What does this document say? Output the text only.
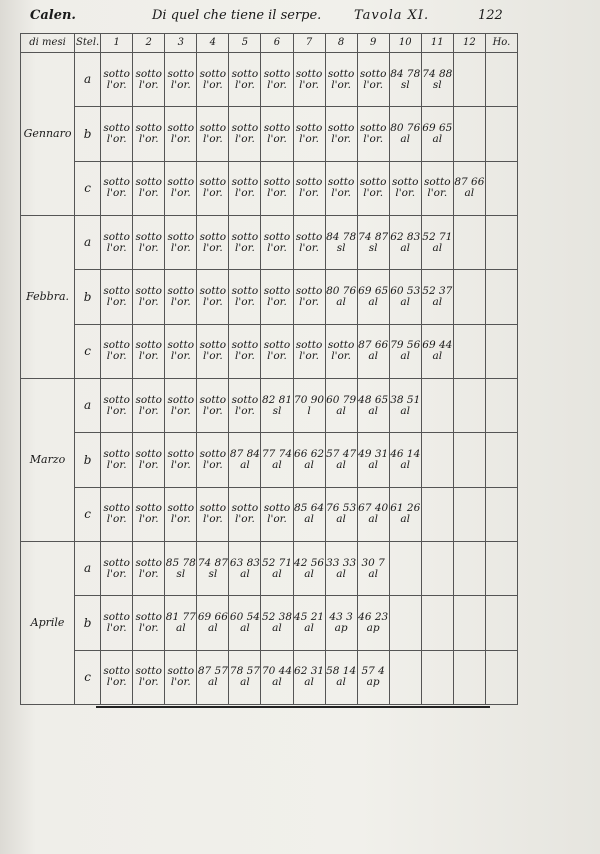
Calen.	Di quel che tiene il serpe.	Tavola XI.	122
di mesi	Stel.	1	2	3	4	5	6	7	8	9	10	11	12	Ho.
Gennaro	a	sotto l'or.	sotto l'or.	sotto l'or.	sotto l'or.	sotto l'or.	sotto l'or.	sotto l'or.	sotto l'or.	sotto l'or.	84 78 sl	74 88 sl		
	b	sotto l'or.	sotto l'or.	sotto l'or.	sotto l'or.	sotto l'or.	sotto l'or.	sotto l'or.	sotto l'or.	sotto l'or.	80 76 al	69 65 al		
	c	sotto l'or.	sotto l'or.	sotto l'or.	sotto l'or.	sotto l'or.	sotto l'or.	sotto l'or.	sotto l'or.	sotto l'or.	sotto l'or.	sotto l'or.	87 66 al	
Febbra.	a	sotto l'or.	sotto l'or.	sotto l'or.	sotto l'or.	sotto l'or.	sotto l'or.	sotto l'or.	84 78 sl	74 87 sl	62 83 al	52 71 al		
	b	sotto l'or.	sotto l'or.	sotto l'or.	sotto l'or.	sotto l'or.	sotto l'or.	sotto l'or.	80 76 al	69 65 al	60 53 al	52 37 al		
	c	sotto l'or.	sotto l'or.	sotto l'or.	sotto l'or.	sotto l'or.	sotto l'or.	sotto l'or.	sotto l'or.	87 66 al	79 56 al	69 44 al		
Marzo	a	sotto l'or.	sotto l'or.	sotto l'or.	sotto l'or.	sotto l'or.	82 81 sl	70 90 l	60 79 al	48 65 al	38 51 al			
	b	sotto l'or.	sotto l'or.	sotto l'or.	sotto l'or.	87 84 al	77 74 al	66 62 al	57 47 al	49 31 al	46 14 al			
	c	sotto l'or.	sotto l'or.	sotto l'or.	sotto l'or.	sotto l'or.	sotto l'or.	85 64 al	76 53 al	67 40 al	61 26 al			
Aprile	a	sotto l'or.	sotto l'or.	85 78 sl	74 87 sl	63 83 al	52 71 al	42 56 al	33 33 al	30 7 al				
	b	sotto l'or.	sotto l'or.	81 77 al	69 66 al	60 54 al	52 38 al	45 21 al	43 3 ap	46 23 ap				
	c	sotto l'or.	sotto l'or.	sotto l'or.	87 57 al	78 57 al	70 44 al	62 31 al	58 14 al	57 4 ap				
